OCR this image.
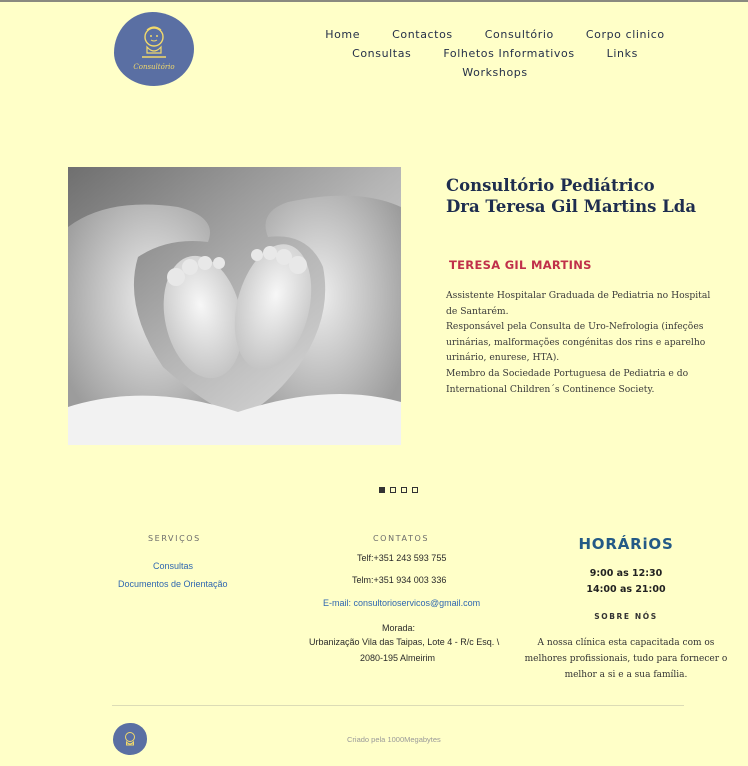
Consultório
Home	Contactos	Consultório	Corpo clinico
Consultas	Folhetos Informativos	Links
Workshops
Consultório Pediátrico
Dra Teresa Gil Martins Lda
TERESA GIL MARTINS

Assistente Hospitalar Graduada de Pediatria no Hospital de Santarém.

Responsável pela Consulta de Uro-Nefrologia (infeções urinárias, malformações congénitas dos rins e aparelho urinário, enurese, HTA).

Membro da Sociedade Portuguesa de Pediatria e do International Children´s Continence Society.

SERVIÇOS
Consultas
Documentos de Orientação
CONTATOS
Telf:+351 243 593 755
Telm:+351 934 003 336
E-mail: consultorioservicos@gmail.com
Morada:
Urbanização Vila das Taipas, Lote 4 - R/c Esq. \
2080-195 Almeirim
HORÁRiOS
9:00 as 12:30
14:00 as 21:00
SOBRE NÓS
A nossa clínica esta capacitada com os melhores profissionais, tudo para fornecer o melhor a si e a sua família.
Criado pela 1000Megabytes
